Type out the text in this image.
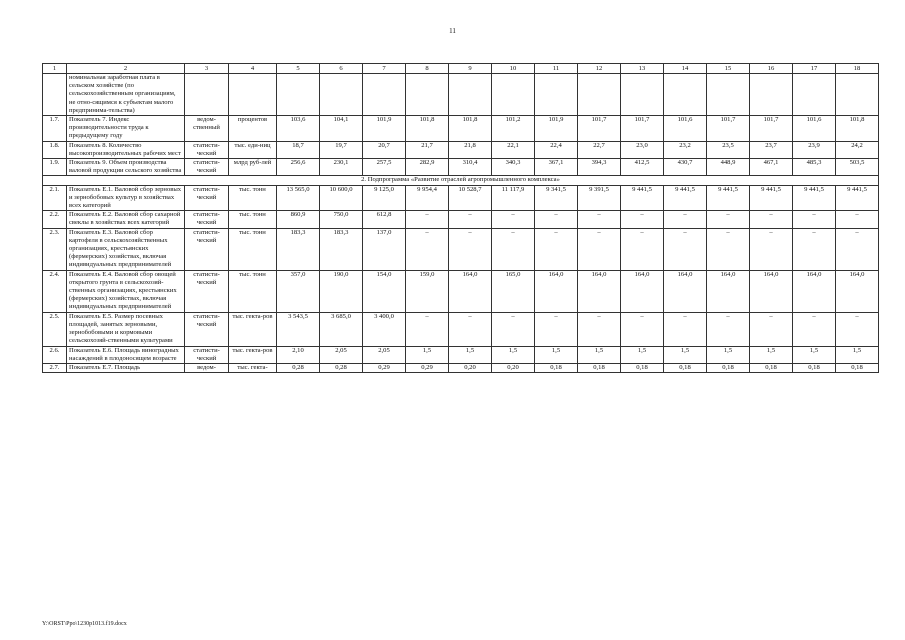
11
1	2	3	4	5	6	7	8	9	10	11	12	13	14	15	16	17	18
	номинальная заработная плата в сельском хозяйстве (по сельскохозяйственным организациям, не отно-сящимся к субъектам малого предпринима-тельства)																
1.7.	Показатель 7. Индекс производительности труда к предыдущему году	ведом-ственный	процентов	103,6	104,1	101,9	101,8	101,8	101,2	101,9	101,7	101,7	101,6	101,7	101,7	101,6	101,8
1.8.	Показатель 8. Количество высокопроизводительных рабочих мест	статисти-ческий	тыс. еди-ниц	18,7	19,7	20,7	21,7	21,8	22,1	22,4	22,7	23,0	23,2	23,5	23,7	23,9	24,2
1.9.	Показатель 9. Объем производства валовой продукции сельского хозяйства	статисти-ческий	млрд руб-лей	256,6	230,1	257,5	282,9	310,4	340,3	367,1	394,3	412,5	430,7	448,9	467,1	485,3	503,5
2. Подпрограмма «Развитие отраслей агропромышленного комплекса»																	
2.1.	Показатель Е.1. Валовой сбор зерновых и зернобобовых культур в хозяйствах всех категорий	статисти-ческий	тыс. тонн	13 565,0	10 600,0	9 125,0	9 954,4	10 528,7	11 117,9	9 341,5	9 391,5	9 441,5	9 441,5	9 441,5	9 441,5	9 441,5	9 441,5
2.2.	Показатель Е.2. Валовой сбор сахарной свеклы в хозяйствах всех категорий	статисти-ческий	тыс. тонн	860,9	750,0	612,8	–	–	–	–	–	–	–	–	–	–	–
2.3.	Показатель Е.3. Валовой сбор картофеля в сельскохозяйственных организациях, крестьянских (фермерских) хозяйствах, включая индивидуальных предпринимателей	статисти-ческий	тыс. тонн	183,3	183,3	137,0	–	–	–	–	–	–	–	–	–	–	–
2.4.	Показатель Е.4. Валовой сбор овощей открытого грунта в сельскохозяй-ственных организациях, крестьянских (фермерских) хозяйствах, включая индивидуальных предпринимателей	статисти-ческий	тыс. тонн	357,0	190,0	154,0	159,0	164,0	165,0	164,0	164,0	164,0	164,0	164,0	164,0	164,0	164,0
2.5.	Показатель Е.5. Размер посевных площадей, занятых зерновыми, зернобобовыми и кормовыми сельскохозяй-ственными культурами	статисти-ческий	тыс. гекта-ров	3 543,5	3 685,0	3 400,0	–	–	–	–	–	–	–	–	–	–	–
2.6.	Показатель Е.6. Площадь виноградных насаждений в плодоносящем возрасте	статисти-ческий	тыс. гекта-ров	2,10	2,05	2,05	1,5	1,5	1,5	1,5	1,5	1,5	1,5	1,5	1,5	1,5	1,5
2.7.	Показатель Е.7. Площадь	ведом-	тыс. гекта-	0,28	0,28	0,29	0,29	0,20	0,20	0,18	0,18	0,18	0,18	0,18	0,18	0,18	0,18
Y:\ORST\Ppo\1230p1013.f19.docx
